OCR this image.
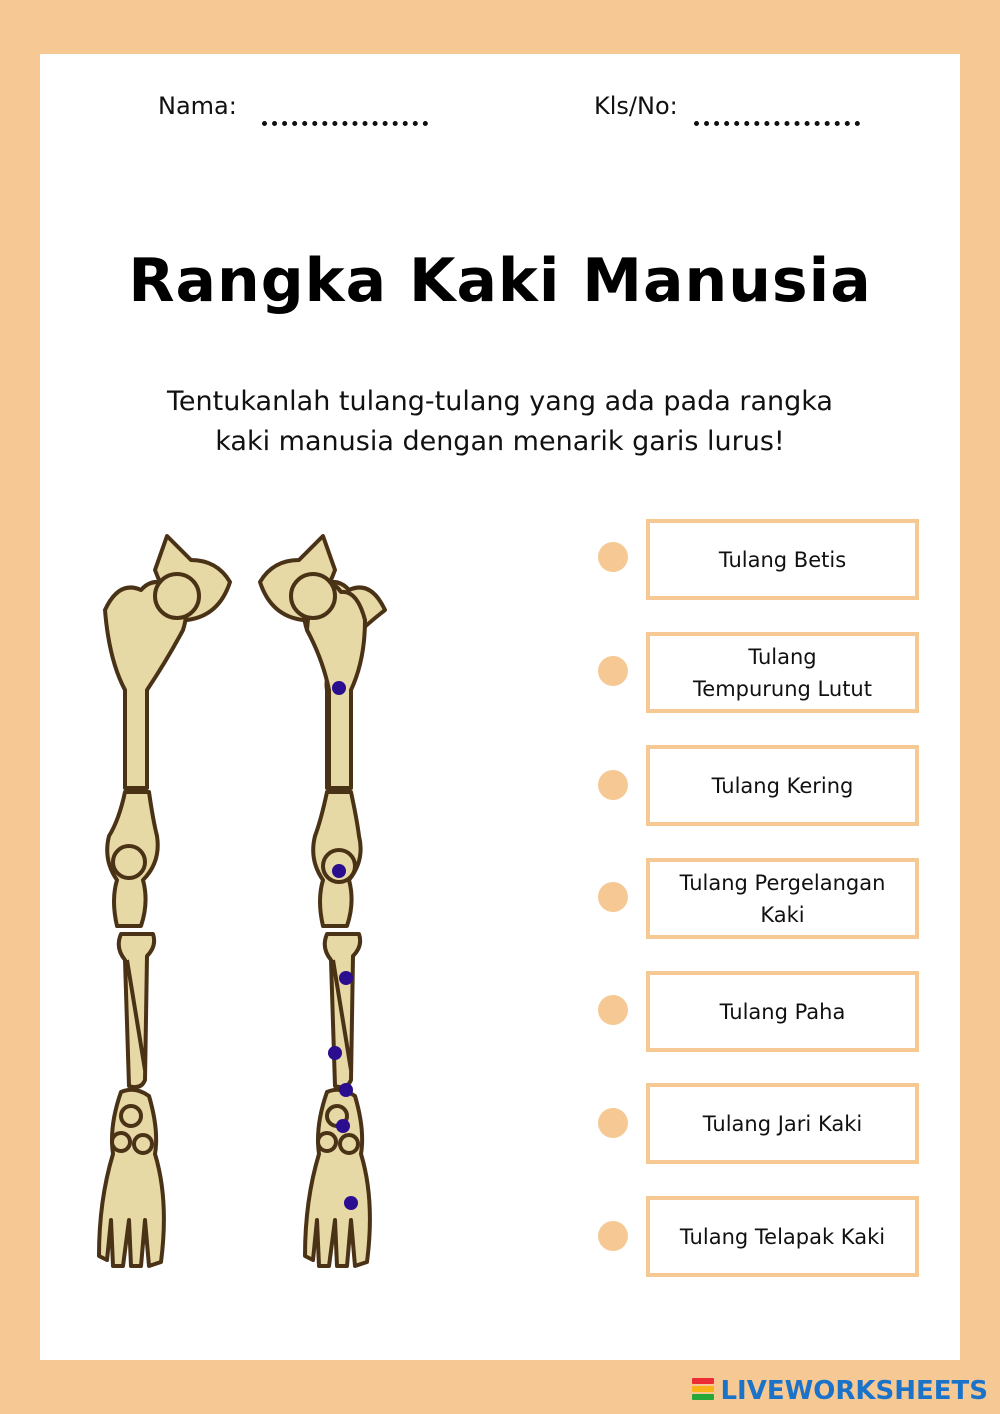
Nama:	Kls/No:
Rangka Kaki Manusia
Tentukanlah tulang-tulang yang ada pada rangka
kaki manusia dengan menarik garis lurus!
Tulang Betis
Tulang
Tempurung Lutut
Tulang Kering
Tulang Pergelangan
Kaki
Tulang Paha
Tulang Jari Kaki
Tulang Telapak Kaki
LIVEWORKSHEETS
